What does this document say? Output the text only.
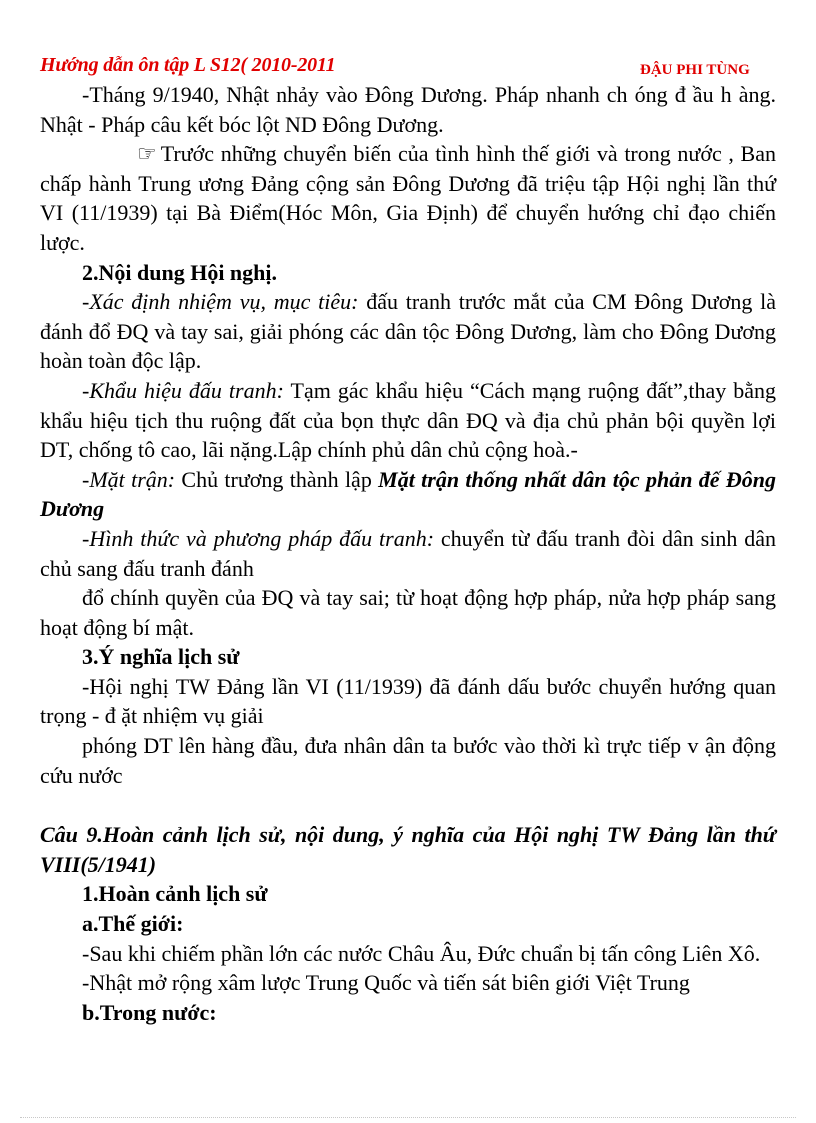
Hướng dẫn ôn tập L S12( 2010-2011	ĐẬU PHI TÙNG

-Tháng 9/1940, Nhật nhảy vào Đông Dương. Pháp nhanh ch óng đ ầu h àng. Nhật - Pháp câu kết bóc lột ND Đông Dương.

☞ Trước những chuyển biến của tình hình thế giới và trong nước , Ban chấp hành Trung ương Đảng cộng sản Đông Dương đã triệu tập Hội nghị lần thứ VI (11/1939) tại Bà Điểm(Hóc Môn, Gia Định) để chuyển hướng chỉ đạo chiến lược.

2.Nội dung Hội nghị.

-Xác định nhiệm vụ, mục tiêu: đấu tranh trước mắt của CM Đông Dương là đánh đổ ĐQ và tay sai, giải phóng các dân tộc Đông Dương, làm cho Đông Dương hoàn toàn độc lập.

-Khẩu hiệu đấu tranh: Tạm gác khẩu hiệu “Cách mạng ruộng đất”,thay bằng khẩu hiệu tịch thu ruộng đất của bọn thực dân ĐQ và địa chủ phản bội quyền lợi DT, chống tô cao, lãi nặng.Lập chính phủ dân chủ cộng hoà.-

-Mặt trận: Chủ trương thành lập Mặt trận thống nhất dân tộc phản đế Đông Dương

-Hình thức và phương pháp đấu tranh: chuyển từ đấu tranh đòi dân sinh dân chủ sang đấu tranh đánh

đổ chính quyền của ĐQ và tay sai; từ hoạt động hợp pháp, nửa hợp pháp sang hoạt động bí mật.

3.Ý nghĩa lịch sử

-Hội nghị TW Đảng lần VI (11/1939) đã đánh dấu bước chuyển hướng quan trọng - đ ặt nhiệm vụ giải

phóng DT lên hàng đầu, đưa nhân dân ta bước vào thời kì trực tiếp v ận động cứu nước

Câu 9.Hoàn cảnh lịch sử, nội dung, ý nghĩa của Hội nghị TW Đảng lần thứ VIII(5/1941)

1.Hoàn cảnh lịch sử

a.Thế giới:

-Sau khi chiếm phần lớn các nước Châu Âu, Đức chuẩn bị tấn công Liên Xô.

-Nhật mở rộng xâm lược Trung Quốc và tiến sát biên giới Việt Trung

b.Trong nước:
